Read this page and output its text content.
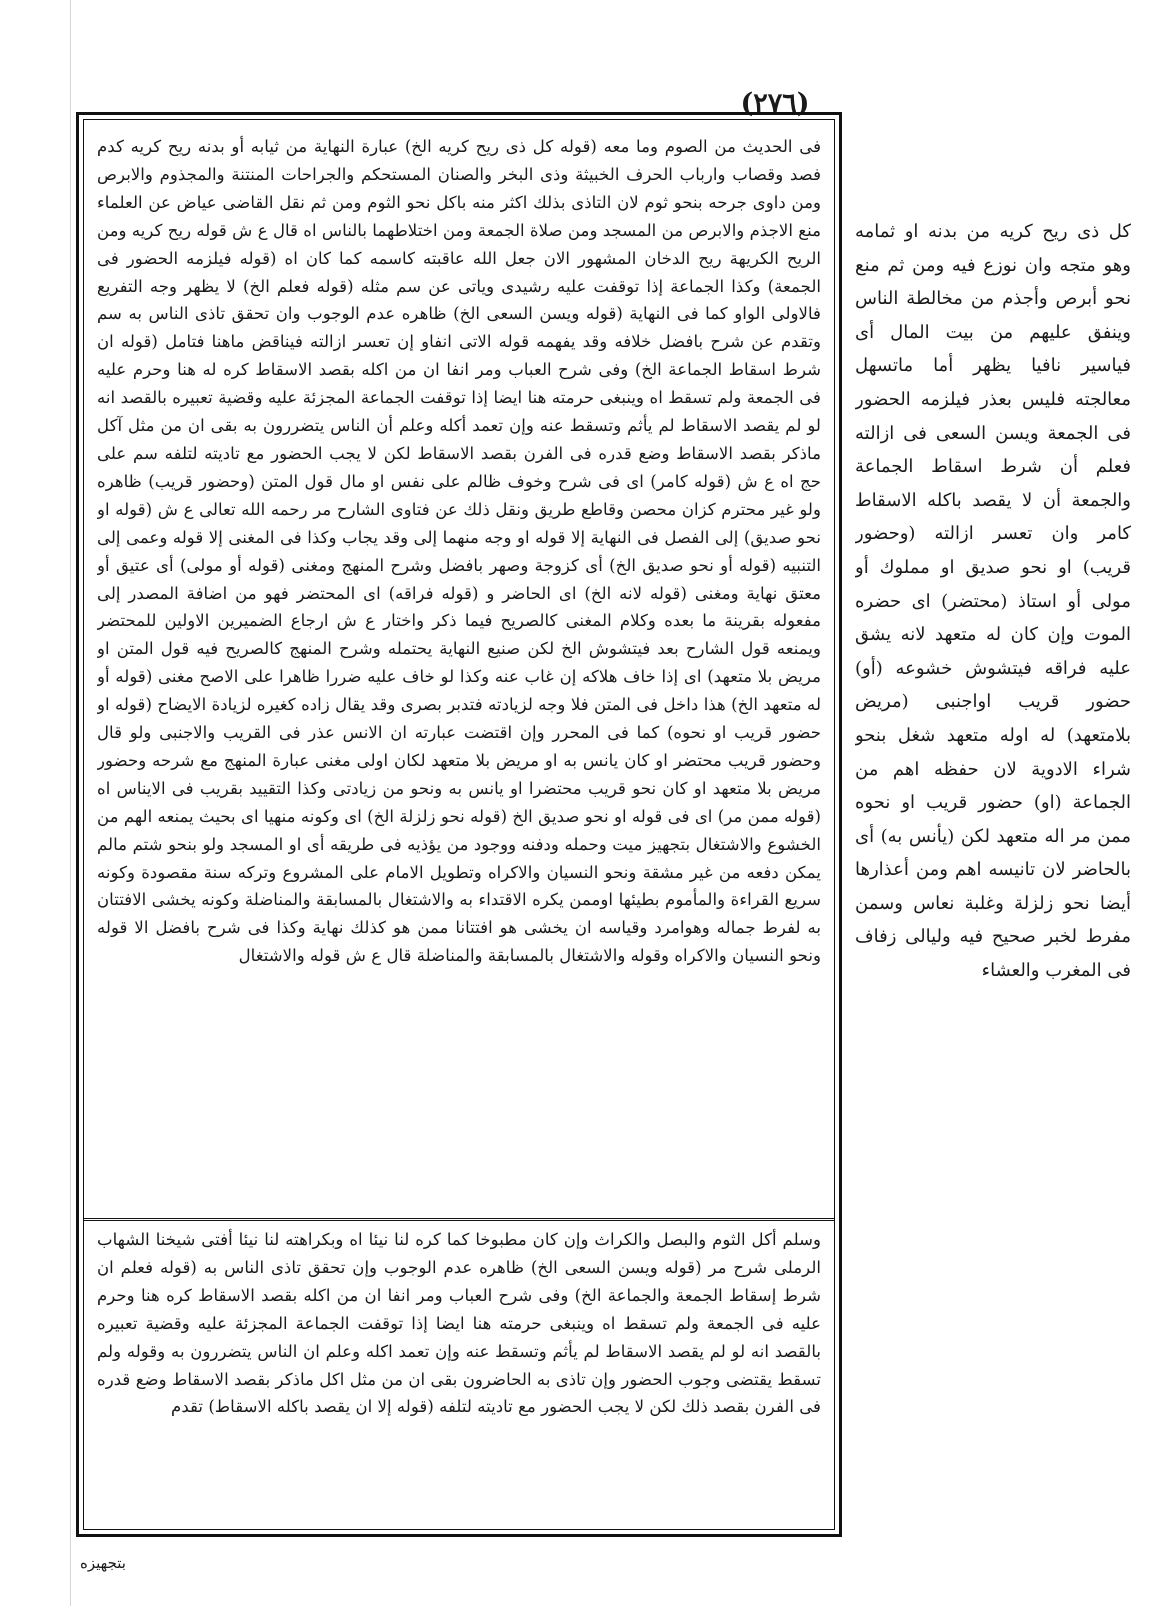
(٢٧٦)
فى الحديث من الصوم وما معه (قوله كل ذى ريح كريه الخ) عبارة النهاية من ثيابه أو بدنه ريح كريه كدم فصد وقصاب وارباب الحرف الخبيثة وذى البخر والصنان المستحكم والجراحات المنتنة والمجذوم والابرص ومن داوى جرحه بنحو ثوم لان التاذى بذلك اكثر منه باكل نحو الثوم ومن ثم نقل القاضى عياض عن العلماء منع الاجذم والابرص من المسجد ومن صلاة الجمعة ومن اختلاطهما بالناس اه قال ع ش قوله ريح كريه ومن الريح الكريهة ريح الدخان المشهور الان جعل الله عاقبته كاسمه كما كان اه (قوله فيلزمه الحضور فى الجمعة) وكذا الجماعة إذا توقفت عليه رشيدى وياتى عن سم مثله (قوله فعلم الخ) لا يظهر وجه التفريع فالاولى الواو كما فى النهاية (قوله ويسن السعى الخ) ظاهره عدم الوجوب وان تحقق تاذى الناس به سم وتقدم عن شرح بافضل خلافه وقد يفهمه قوله الاتى انفاو إن تعسر ازالته فيناقض ماهنا فتامل (قوله ان شرط اسقاط الجماعة الخ) وفى شرح العباب ومر انفا ان من اكله بقصد الاسقاط كره له هنا وحرم عليه فى الجمعة ولم تسقط اه وينبغى حرمته هنا ايضا إذا توقفت الجماعة المجزئة عليه وقضية تعبيره بالقصد انه لو لم يقصد الاسقاط لم يأثم وتسقط عنه وإن تعمد أكله وعلم أن الناس يتضررون به بقى ان من مثل آكل ماذكر بقصد الاسقاط وضع قدره فى الفرن بقصد الاسقاط لكن لا يجب الحضور مع تاديته لتلفه سم على حج اه ع ش (قوله كامر) اى فى شرح وخوف ظالم على نفس او مال قول المتن (وحضور قريب) ظاهره ولو غير محترم كزان محصن وقاطع طريق ونقل ذلك عن فتاوى الشارح مر رحمه الله تعالى ع ش (قوله او نحو صديق) إلى الفصل فى النهاية إلا قوله او وجه منهما إلى وقد يجاب وكذا فى المغنى إلا قوله وعمى إلى التنبيه (قوله أو نحو صديق الخ) أى كزوجة وصهر بافضل وشرح المنهج ومغنى (قوله أو مولى) أى عتيق أو معتق نهاية ومغنى (قوله لانه الخ) اى الحاضر و (قوله فراقه) اى المحتضر فهو من اضافة المصدر إلى مفعوله بقرينة ما بعده وكلام المغنى كالصريح فيما ذكر واختار ع ش ارجاع الضميرين الاولين للمحتضر ويمنعه قول الشارح بعد فيتشوش الخ لكن صنيع النهاية يحتمله وشرح المنهج كالصريح فيه قول المتن او مريض بلا متعهد) اى إذا خاف هلاكه إن غاب عنه وكذا لو خاف عليه ضررا ظاهرا على الاصح مغنى (قوله أو له متعهد الخ) هذا داخل فى المتن فلا وجه لزيادته فتدبر بصرى وقد يقال زاده كغيره لزيادة الايضاح (قوله او حضور قريب او نحوه) كما فى المحرر وإن اقتضت عبارته ان الانس عذر فى القريب والاجنبى ولو قال وحضور قريب محتضر او كان يانس به او مريض بلا متعهد لكان اولى مغنى عبارة المنهج مع شرحه وحضور مريض بلا متعهد او كان نحو قريب محتضرا او يانس به ونحو من زيادتى وكذا التقييد بقريب فى الايناس اه (قوله ممن مر) اى فى قوله او نحو صديق الخ (قوله نحو زلزلة الخ) اى وكونه منهيا اى بحيث يمنعه الهم من الخشوع والاشتغال بتجهيز ميت وحمله ودفنه ووجود من يؤذيه فى طريقه أى او المسجد ولو بنحو شتم مالم يمكن دفعه من غير مشقة ونحو النسيان والاكراه وتطويل الامام على المشروع وتركه سنة مقصودة وكونه سريع القراءة والمأموم بطيئها اوممن يكره الاقتداء به والاشتغال بالمسابقة والمناضلة وكونه يخشى الافتتان به لفرط جماله وهوامرد وقياسه ان يخشى هو افتتانا ممن هو كذلك نهاية وكذا فى شرح بافضل الا قوله ونحو النسيان والاكراه وقوله والاشتغال بالمسابقة والمناضلة قال ع ش قوله والاشتغال
وسلم أكل الثوم والبصل والكراث وإن كان مطبوخا كما كره لنا نيئا اه وبكراهته لنا نيئا أفتى شيخنا الشهاب الرملى شرح مر (قوله ويسن السعى الخ) ظاهره عدم الوجوب وإن تحقق تاذى الناس به (قوله فعلم ان شرط إسقاط الجمعة والجماعة الخ) وفى شرح العباب ومر انفا ان من اكله بقصد الاسقاط كره هنا وحرم عليه فى الجمعة ولم تسقط اه وينبغى حرمته هنا ايضا إذا توقفت الجماعة المجزئة عليه وقضية تعبيره بالقصد انه لو لم يقصد الاسقاط لم يأثم وتسقط عنه وإن تعمد اكله وعلم ان الناس يتضررون به وقوله ولم تسقط يقتضى وجوب الحضور وإن تاذى به الحاضرون بقى ان من مثل اكل ماذكر بقصد الاسقاط وضع قدره فى الفرن بقصد ذلك لكن لا يجب الحضور مع تاديته لتلفه (قوله إلا ان يقصد باكله الاسقاط) تقدم
كل ذى ريح كريه من بدنه او ثمامه وهو متجه وان نوزع فيه ومن ثم منع نحو أبرص وأجذم من مخالطة الناس وينفق عليهم من بيت المال أى فياسير نافيا يظهر أما ماتسهل معالجته فليس بعذر فيلزمه الحضور فى الجمعة ويسن السعى فى ازالته فعلم أن شرط اسقاط الجماعة والجمعة أن لا يقصد باكله الاسقاط كامر وان تعسر ازالته (وحضور قريب) او نحو صديق او مملوك أو مولى أو استاذ (محتضر) اى حضره الموت وإن كان له متعهد لانه يشق عليه فراقه فيتشوش خشوعه (أو) حضور قريب اواجنبى (مريض بلامتعهد) له اوله متعهد شغل بنحو شراء الادوية لان حفظه اهم من الجماعة (او) حضور قريب او نحوه ممن مر اله متعهد لكن (يأنس به) أى بالحاضر لان تانيسه اهم ومن أعذارها أيضا نحو زلزلة وغلبة نعاس وسمن مفرط لخبر صحيح فيه وليالى زفاف فى المغرب والعشاء
بتجهيزه
